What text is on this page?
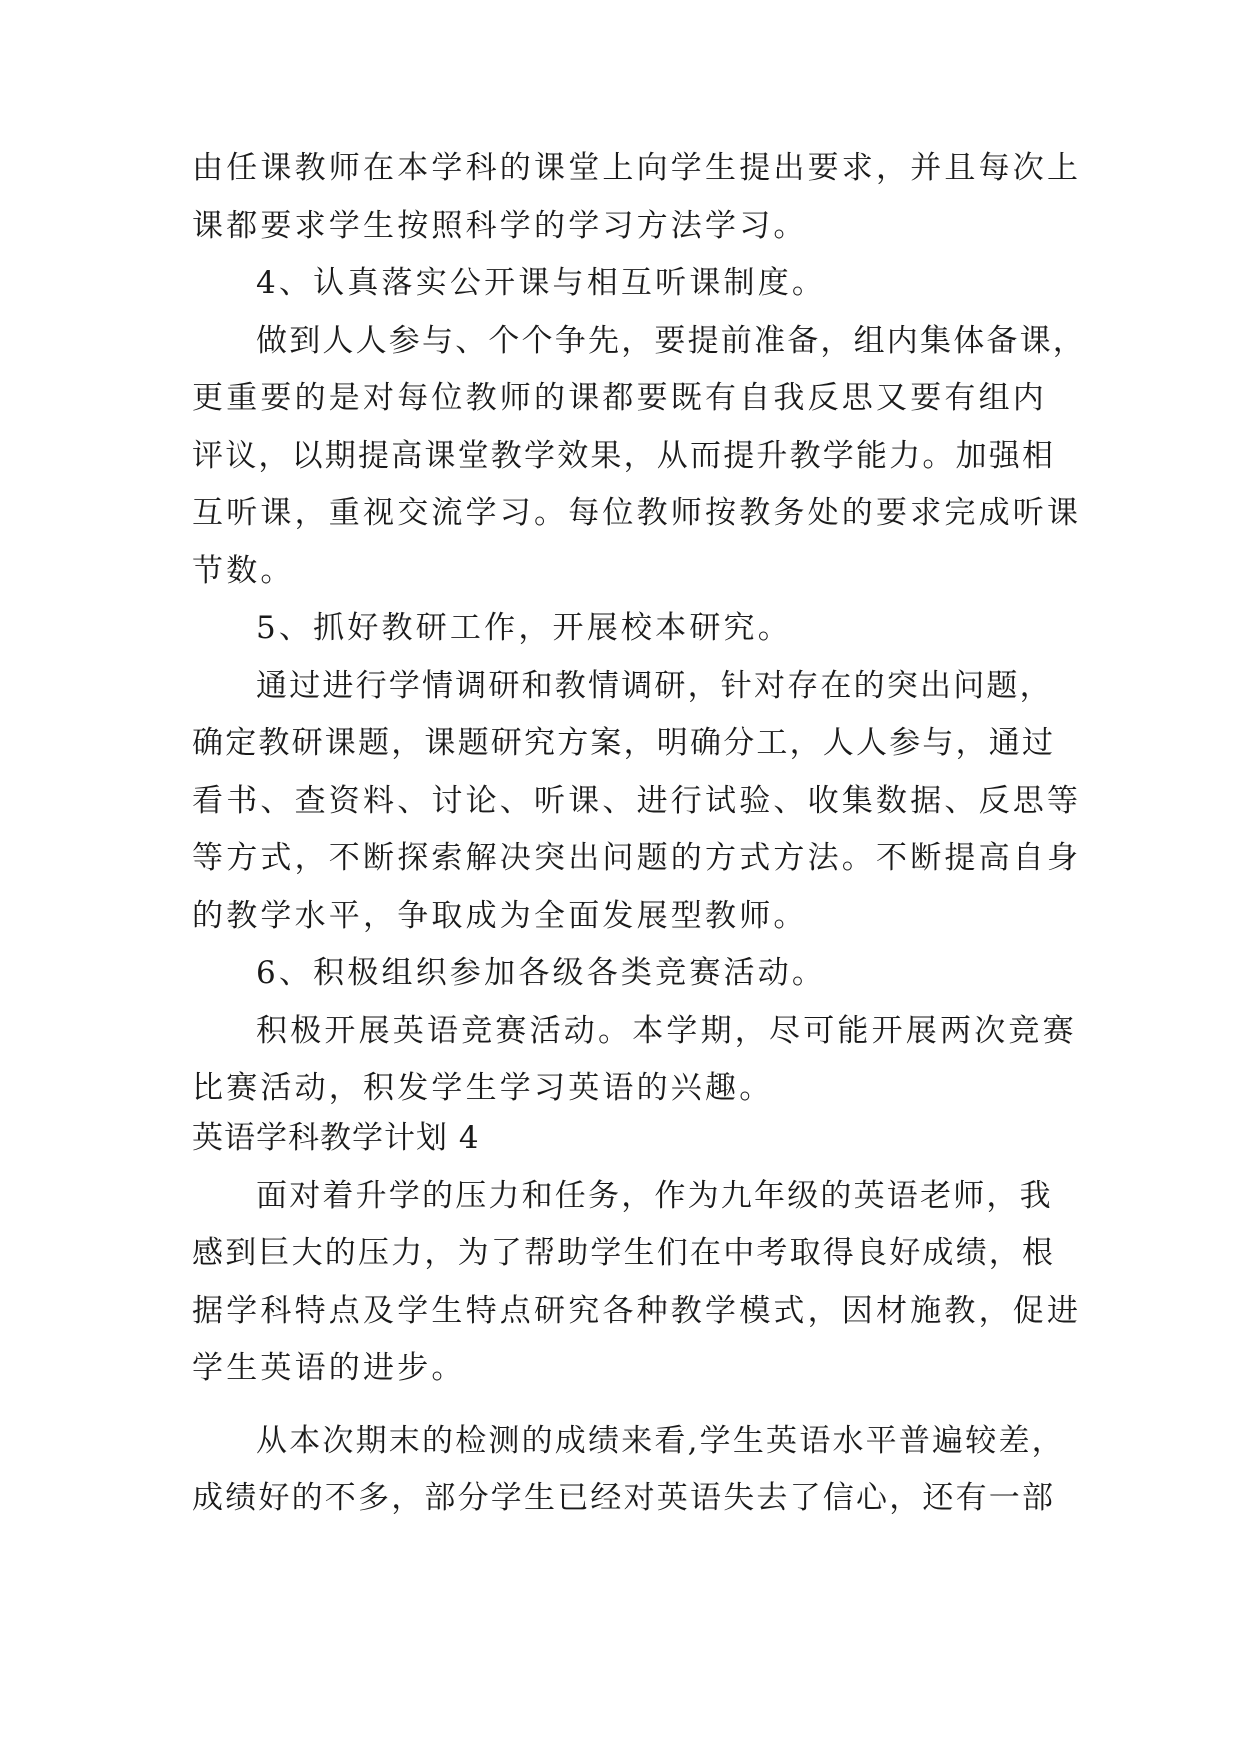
由任课教师在本学科的课堂上向学生提出要求，并且每次上
课都要求学生按照科学的学习方法学习。
4、认真落实公开课与相互听课制度。
做到人人参与、个个争先，要提前准备，组内集体备课，
更重要的是对每位教师的课都要既有自我反思又要有组内
评议，以期提高课堂教学效果，从而提升教学能力。加强相
互听课，重视交流学习。每位教师按教务处的要求完成听课
节数。
5、抓好教研工作，开展校本研究。
通过进行学情调研和教情调研，针对存在的突出问题，
确定教研课题，课题研究方案，明确分工，人人参与，通过
看书、查资料、讨论、听课、进行试验、收集数据、反思等
等方式，不断探索解决突出问题的方式方法。不断提高自身
的教学水平，争取成为全面发展型教师。
6、积极组织参加各级各类竞赛活动。
积极开展英语竞赛活动。本学期，尽可能开展两次竞赛
比赛活动，积发学生学习英语的兴趣。
英语学科教学计划 4
面对着升学的压力和任务，作为九年级的英语老师，我
感到巨大的压力，为了帮助学生们在中考取得良好成绩，根
据学科特点及学生特点研究各种教学模式，因材施教，促进
学生英语的进步。
从本次期末的检测的成绩来看,学生英语水平普遍较差，
成绩好的不多，部分学生已经对英语失去了信心，还有一部
